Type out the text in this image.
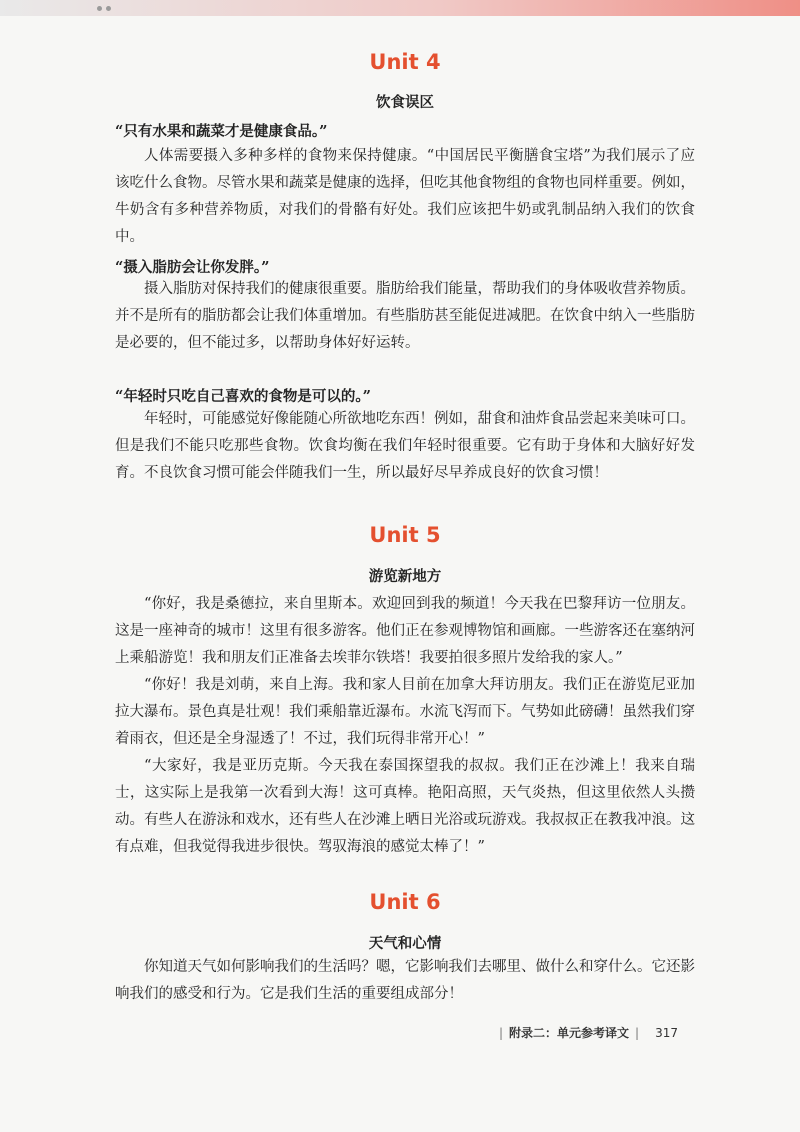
Unit 4
饮食误区

“只有水果和蔬菜才是健康食品。”

人体需要摄入多种多样的食物来保持健康。“中国居民平衡膳食宝塔”为我们展示了应该吃什么食物。尽管水果和蔬菜是健康的选择，但吃其他食物组的食物也同样重要。例如，牛奶含有多种营养物质，对我们的骨骼有好处。我们应该把牛奶或乳制品纳入我们的饮食中。

“摄入脂肪会让你发胖。”

摄入脂肪对保持我们的健康很重要。脂肪给我们能量，帮助我们的身体吸收营养物质。并不是所有的脂肪都会让我们体重增加。有些脂肪甚至能促进减肥。在饮食中纳入一些脂肪是必要的，但不能过多，以帮助身体好好运转。

“年轻时只吃自己喜欢的食物是可以的。”

年轻时，可能感觉好像能随心所欲地吃东西！例如，甜食和油炸食品尝起来美味可口。但是我们不能只吃那些食物。饮食均衡在我们年轻时很重要。它有助于身体和大脑好好发育。不良饮食习惯可能会伴随我们一生，所以最好尽早养成良好的饮食习惯！

Unit 5
游览新地方

“你好，我是桑德拉，来自里斯本。欢迎回到我的频道！今天我在巴黎拜访一位朋友。这是一座神奇的城市！这里有很多游客。他们正在参观博物馆和画廊。一些游客还在塞纳河上乘船游览！我和朋友们正准备去埃菲尔铁塔！我要拍很多照片发给我的家人。”

“你好！我是刘萌，来自上海。我和家人目前在加拿大拜访朋友。我们正在游览尼亚加拉大瀑布。景色真是壮观！我们乘船靠近瀑布。水流飞泻而下。气势如此磅礴！虽然我们穿着雨衣，但还是全身湿透了！不过，我们玩得非常开心！”

“大家好，我是亚历克斯。今天我在泰国探望我的叔叔。我们正在沙滩上！我来自瑞士，这实际上是我第一次看到大海！这可真棒。艳阳高照，天气炎热，但这里依然人头攒动。有些人在游泳和戏水，还有些人在沙滩上晒日光浴或玩游戏。我叔叔正在教我冲浪。这有点难，但我觉得我进步很快。驾驭海浪的感觉太棒了！”

Unit 6
天气和心情

你知道天气如何影响我们的生活吗？嗯，它影响我们去哪里、做什么和穿什么。它还影响我们的感受和行为。它是我们生活的重要组成部分！

| 附录二：单元参考译文 | 317
